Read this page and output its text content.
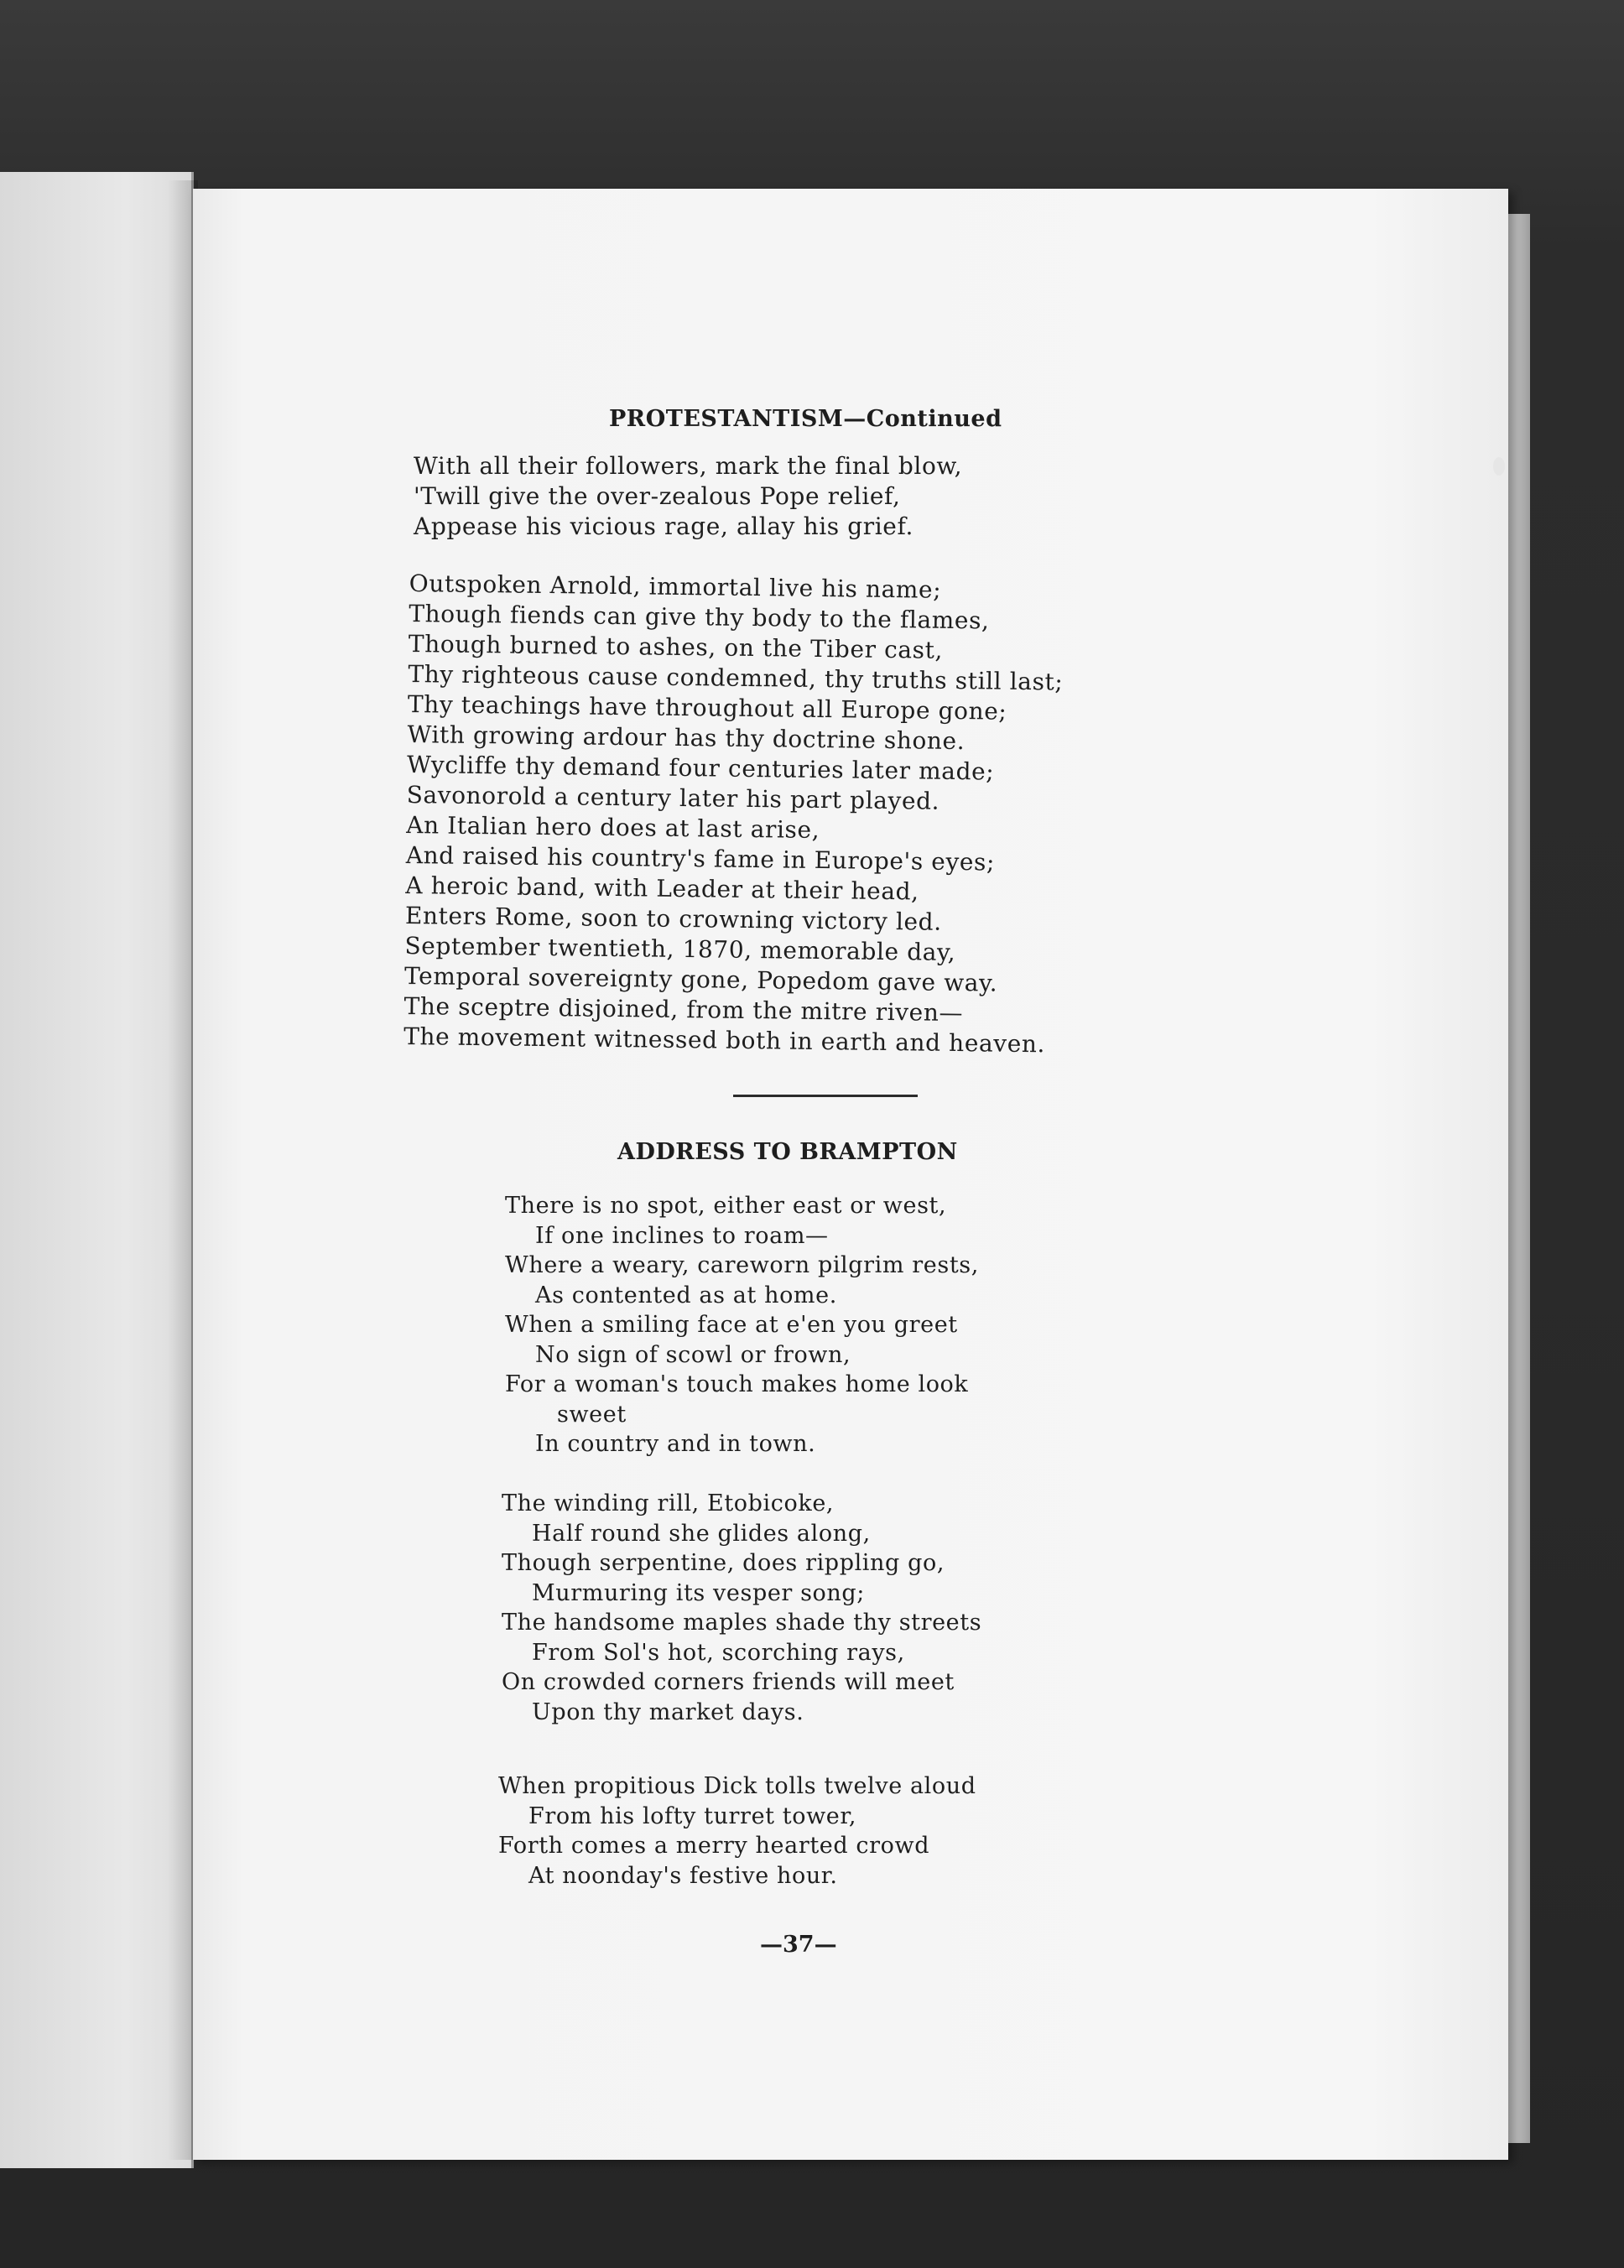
PROTESTANTISM—Continued
With all their followers, mark the final blow,
'Twill give the over-zealous Pope relief,
Appease his vicious rage, allay his grief.
Outspoken Arnold, immortal live his name;
Though fiends can give thy body to the flames,
Though burned to ashes, on the Tiber cast,
Thy righteous cause condemned, thy truths still last;
Thy teachings have throughout all Europe gone;
With growing ardour has thy doctrine shone.
Wycliffe thy demand four centuries later made;
Savonorold a century later his part played.
An Italian hero does at last arise,
And raised his country's fame in Europe's eyes;
A heroic band, with Leader at their head,
Enters Rome, soon to crowning victory led.
September twentieth, 1870, memorable day,
Temporal sovereignty gone, Popedom gave way.
The sceptre disjoined, from the mitre riven—
The movement witnessed both in earth and heaven.
ADDRESS TO BRAMPTON
There is no spot, either east or west,
If one inclines to roam—
Where a weary, careworn pilgrim rests,
As contented as at home.
When a smiling face at e'en you greet
No sign of scowl or frown,
For a woman's touch makes home look
sweet
In country and in town.
The winding rill, Etobicoke,
Half round she glides along,
Though serpentine, does rippling go,
Murmuring its vesper song;
The handsome maples shade thy streets
From Sol's hot, scorching rays,
On crowded corners friends will meet
Upon thy market days.
When propitious Dick tolls twelve aloud
From his lofty turret tower,
Forth comes a merry hearted crowd
At noonday's festive hour.
—37—
